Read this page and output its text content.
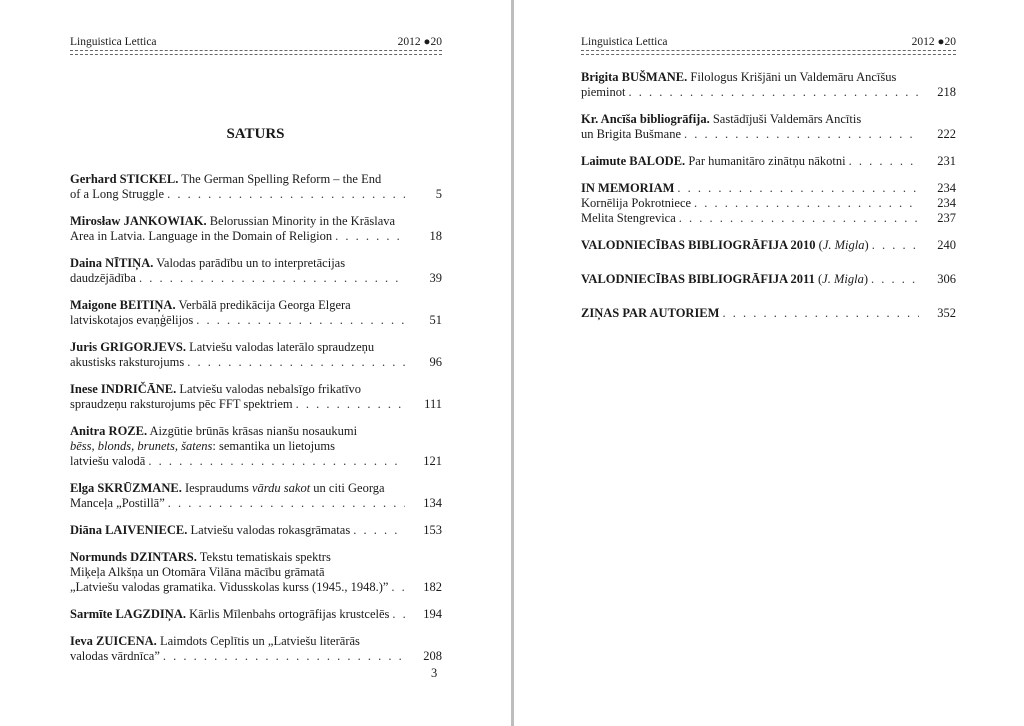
Linguistica Lettica	2012 ●20
SATURS
Gerhard STICKEL. The German Spelling Reform – the End
of a Long Struggle . . .	5
Mirosław JANKOWIAK. Belorussian Minority in the Krāslava
Area in Latvia. Language in the Domain of Religion . . .	18
Daina NĪTIŅA. Valodas parādību un to interpretācijas
daudzējādība . . .	39
Maigone BEITIŅA. Verbālā predikācija Georga Elgera
latviskotajos evaņģēlijos . . .	51
Juris GRIGORJEVS. Latviešu valodas laterālo spraudzeņu
akustisks raksturojums . . .	96
Inese INDRIČĀNE. Latviešu valodas nebalsīgo frikatīvo
spraudzeņu raksturojums pēc FFT spektriem . . .	111
Anitra ROZE. Aizgūtie brūnās krāsas nianšu nosaukumi
bēss, blonds, brunets, šatens: semantika un lietojums
latviešu valodā . . .	121
Elga SKRŪZMANE. Iespraudums vārdu sakot un citi Georga
Manceļa „Postillā” . . .	134
Diāna LAIVENIECE. Latviešu valodas rokasgrāmatas . . .	153
Normunds DZINTARS. Tekstu tematiskais spektrs
Miķeļa Alkšņa un Otomāra Vilāna mācību grāmatā
„Latviešu valodas gramatika. Vidusskolas kurss (1945., 1948.)” . . .	182
Sarmīte LAGZDIŅA. Kārlis Mīlenbahs ortogrāfijas krustcelēs . . .	194
Ieva ZUICENA. Laimdots Ceplītis un „Latviešu literārās
valodas vārdnīca” . . .	208
3
Linguistica Lettica	2012 ●20
Brigita BUŠMANE. Filologus Krišjāni un Valdemāru Ancīšus
pieminot . . .	218
Kr. Ancīša bibliogrāfija. Sastādījuši Valdemārs Ancītis
un Brigita Bušmane . . .	222
Laimute BALODE. Par humanitāro zinātņu nākotni . . .	231
IN MEMORIAM . . .	234
Kornēlija Pokrotniece . . .	234
Melita Stengrevica . . .	237
VALODNIECĪBAS BIBLIOGRĀFIJA 2010 (J. Migla) . . .	240
VALODNIECĪBAS BIBLIOGRĀFIJA 2011 (J. Migla) . . .	306
ZIŅAS PAR AUTORIEM . . .	352
